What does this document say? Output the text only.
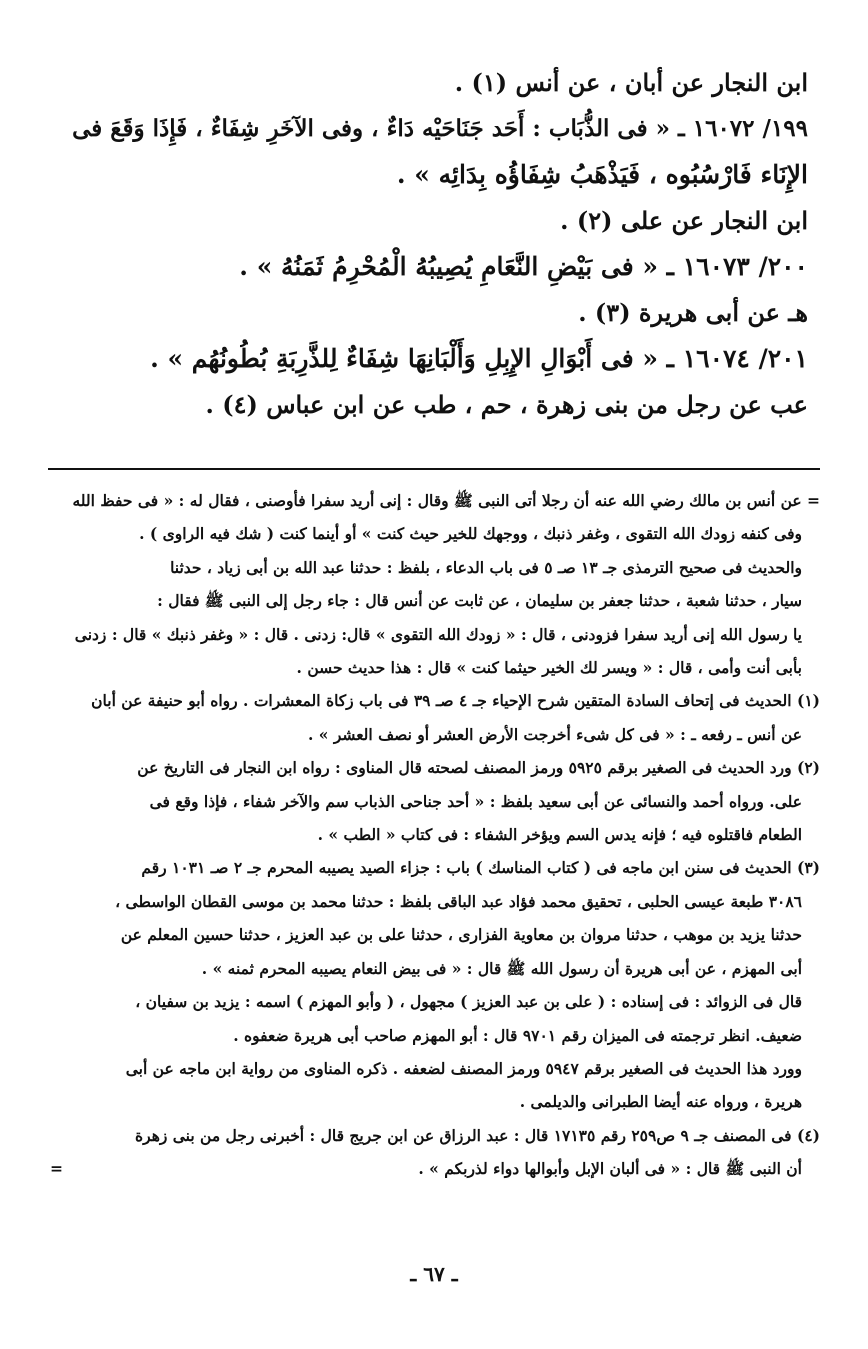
ابن النجار عن أبان ، عن أنس (١) .

١٩٩/ ١٦٠٧٢ ـ « فى الذُّبَاب : أَحَد جَنَاحَيْه دَاءٌ ، وفى الآخَرِ شِفَاءٌ ، فَإِذَا وَقَعَ فى

الإِنَاء فَارْسُبُوه ، فَيَذْهَبُ شِفَاؤُه بِدَائِه » .

ابن النجار عن على (٢) .

٢٠٠/ ١٦٠٧٣ ـ « فى بَيْضِ النَّعَامِ يُصِيبُهُ الْمُحْرِمُ ثَمَنُهُ » .

هـ عن أبى هريرة (٣) .

٢٠١/ ١٦٠٧٤ ـ « فى أَبْوَالِ الإِبِلِ وَأَلْبَانِهَا شِفَاءٌ لِلذَّرِبَةِ بُطُونُهُم » .

عب عن رجل من بنى زهرة ، حم ، طب عن ابن عباس (٤) .

= عن أنس بن مالك رضي الله عنه أن رجلا أتى النبى ﷺ وقال : إنى أريد سفرا فأوصنى ، فقال له : « فى حفظ الله

وفى كنفه زودك الله التقوى ، وغفر ذنبك ، ووجهك للخير حيث كنت » أو أينما كنت ( شك فيه الراوى ) .

والحديث فى صحيح الترمذى جـ ١٣ صـ ٥ فى باب الدعاء ، بلفظ : حدثنا عبد الله بن أبى زياد ، حدثنا

سيار ، حدثنا شعبة ، حدثنا جعفر بن سليمان ، عن ثابت عن أنس قال : جاء رجل إلى النبى ﷺ فقال :

يا رسول الله إنى أريد سفرا فزودنى ، قال : « زودك الله التقوى » قال: زدنى . قال : « وغفر ذنبك » قال : زدنى

بأبى أنت وأمى ، قال : « ويسر لك الخير حيثما كنت » قال : هذا حديث حسن .

(١) الحديث فى إتحاف السادة المتقين شرح الإحياء جـ ٤ صـ ٣٩ فى باب زكاة المعشرات . رواه أبو حنيفة عن أبان

عن أنس ـ رفعه ـ : « فى كل شىء أخرجت الأرض العشر أو نصف العشر » .

(٢) ورد الحديث فى الصغير برقم ٥٩٢٥ ورمز المصنف لصحته قال المناوى : رواه ابن النجار فى التاريخ عن

على. ورواه أحمد والنسائى عن أبى سعيد بلفظ : « أحد جناحى الذباب سم والآخر شفاء ، فإذا وقع فى

الطعام فاقتلوه فيه ؛ فإنه يدس السم ويؤخر الشفاء : فى كتاب « الطب » .

(٣) الحديث فى سنن ابن ماجه فى ( كتاب المناسك ) باب : جزاء الصيد يصيبه المحرم جـ ٢ صـ ١٠٣١ رقم

٣٠٨٦ طبعة عيسى الحلبى ، تحقيق محمد فؤاد عبد الباقى بلفظ : حدثنا محمد بن موسى القطان الواسطى ،

حدثنا يزيد بن موهب ، حدثنا مروان بن معاوية الفزارى ، حدثنا على بن عبد العزيز ، حدثنا حسين المعلم عن

أبى المهزم ، عن أبى هريرة أن رسول الله ﷺ قال : « فى بيض النعام يصيبه المحرم ثمنه » .

قال فى الزوائد : فى إسناده : ( على بن عبد العزيز ) مجهول ، ( وأبو المهزم ) اسمه : يزيد بن سفيان ،

ضعيف. انظر ترجمته فى الميزان رقم ٩٧٠١ قال : أبو المهزم صاحب أبى هريرة ضعفوه .

وورد هذا الحديث فى الصغير برقم ٥٩٤٧ ورمز المصنف لضعفه . ذكره المناوى من رواية ابن ماجه عن أبى

هريرة ، ورواه عنه أيضا الطبرانى والديلمى .

(٤) فى المصنف جـ ٩ ص٢٥٩ رقم ١٧١٣٥ قال : عبد الرزاق عن ابن جريج قال : أخبرنى رجل من بنى زهرة

أن النبى ﷺ قال : « فى ألبان الإبل وأبوالها دواء لذربكم » .
=

ـ ٦٧ ـ
